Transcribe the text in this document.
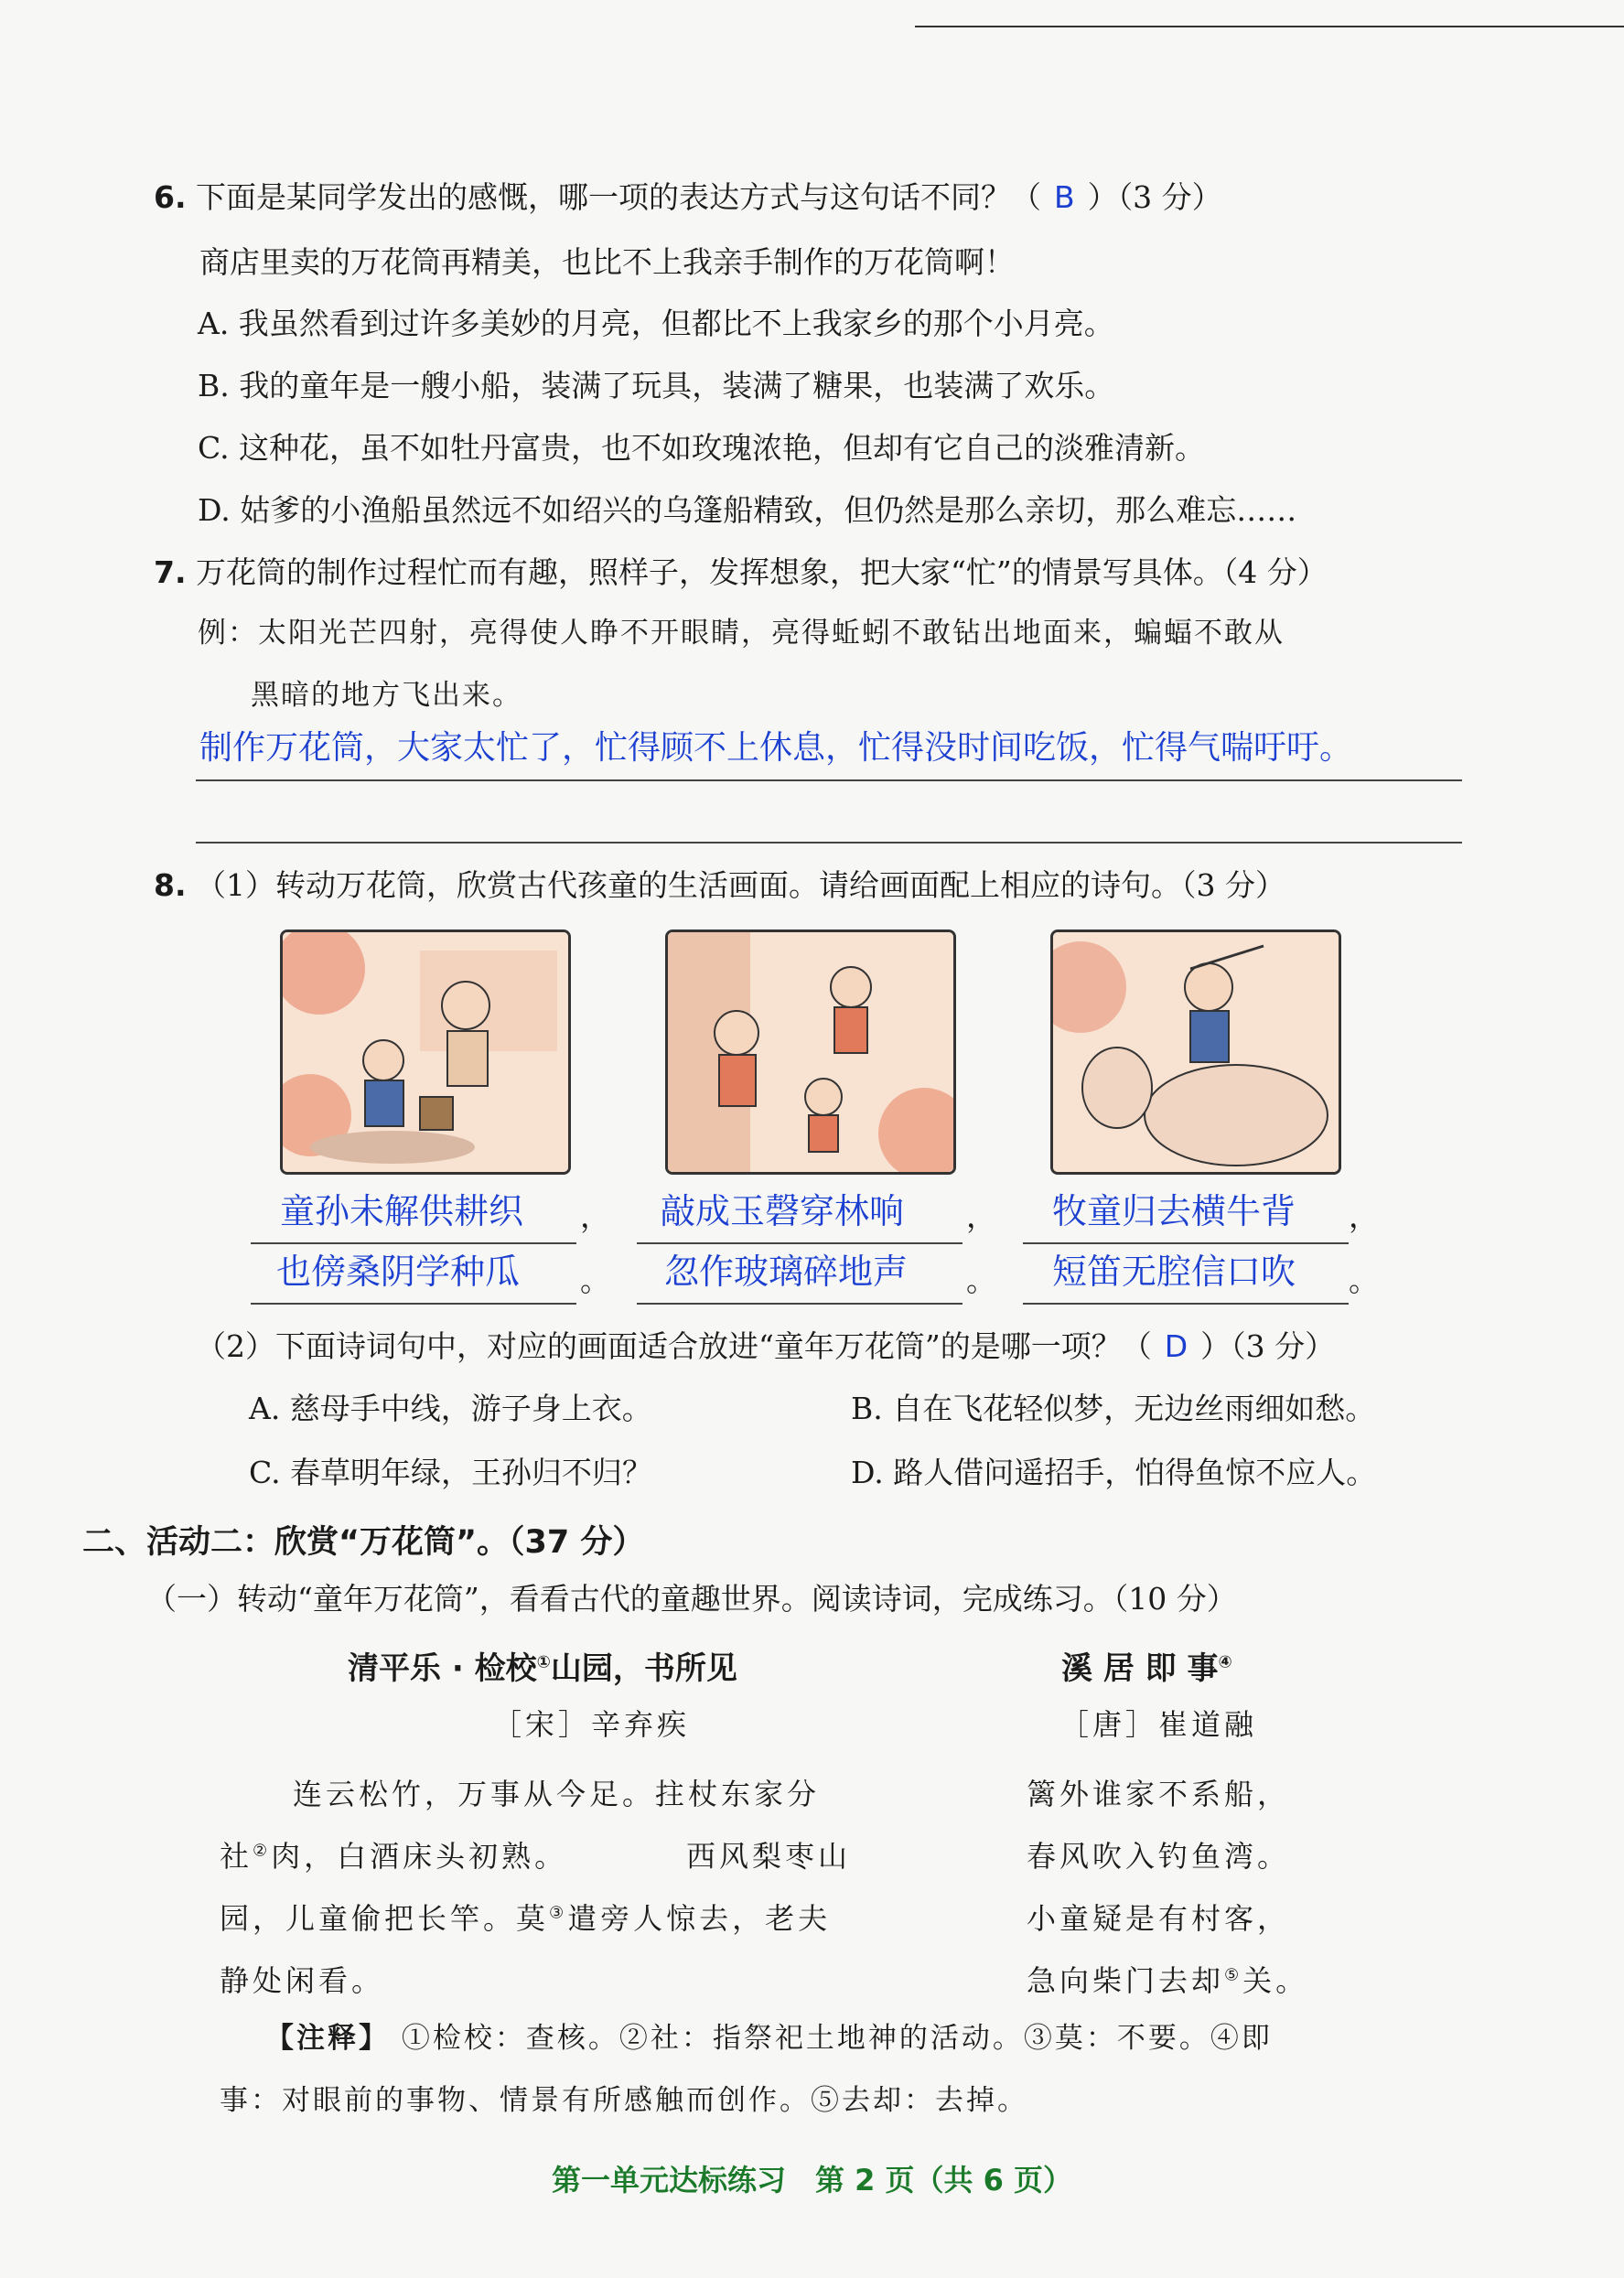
6. 下面是某同学发出的感慨，哪一项的表达方式与这句话不同？（ B ）（3 分）
商店里卖的万花筒再精美，也比不上我亲手制作的万花筒啊！
A. 我虽然看到过许多美妙的月亮，但都比不上我家乡的那个小月亮。
B. 我的童年是一艘小船，装满了玩具，装满了糖果，也装满了欢乐。
C. 这种花，虽不如牡丹富贵，也不如玫瑰浓艳，但却有它自己的淡雅清新。
D. 姑爹的小渔船虽然远不如绍兴的乌篷船精致，但仍然是那么亲切，那么难忘……
7. 万花筒的制作过程忙而有趣，照样子，发挥想象，把大家“忙”的情景写具体。（4 分）
例：太阳光芒四射，亮得使人睁不开眼睛，亮得蚯蚓不敢钻出地面来，蝙蝠不敢从
黑暗的地方飞出来。
制作万花筒，大家太忙了，忙得顾不上休息，忙得没时间吃饭，忙得气喘吁吁。
8. （1）转动万花筒，欣赏古代孩童的生活画面。请给画面配上相应的诗句。（3 分）
童孙未解供耕织 ，
也傍桑阴学种瓜 。
敲成玉磬穿林响 ，
忽作玻璃碎地声 。
牧童归去横牛背 ，
短笛无腔信口吹 。
（2）下面诗词句中，对应的画面适合放进“童年万花筒”的是哪一项？（ D ）（3 分）
A. 慈母手中线，游子身上衣。	B. 自在飞花轻似梦，无边丝雨细如愁。
C. 春草明年绿，王孙归不归？	D. 路人借问遥招手，怕得鱼惊不应人。
二、活动二：欣赏“万花筒”。（37 分）
（一）转动“童年万花筒”，看看古代的童趣世界。阅读诗词，完成练习。（10 分）
清平乐 · 检校①山园，书所见
［宋］辛弃疾
连云松竹，万事从今足。拄杖东家分
社②肉，白酒床头初熟。	西风梨枣山
园，儿童偷把长竿。莫③遣旁人惊去，老夫
静处闲看。
溪 居 即 事④
［唐］崔道融
篱外谁家不系船，
春风吹入钓鱼湾。
小童疑是有村客，
急向柴门去却⑤关。
【注释】 ①检校：查核。②社：指祭祀土地神的活动。③莫：不要。④即
事：对眼前的事物、情景有所感触而创作。⑤去却：去掉。
第一单元达标练习　第 2 页（共 6 页）
